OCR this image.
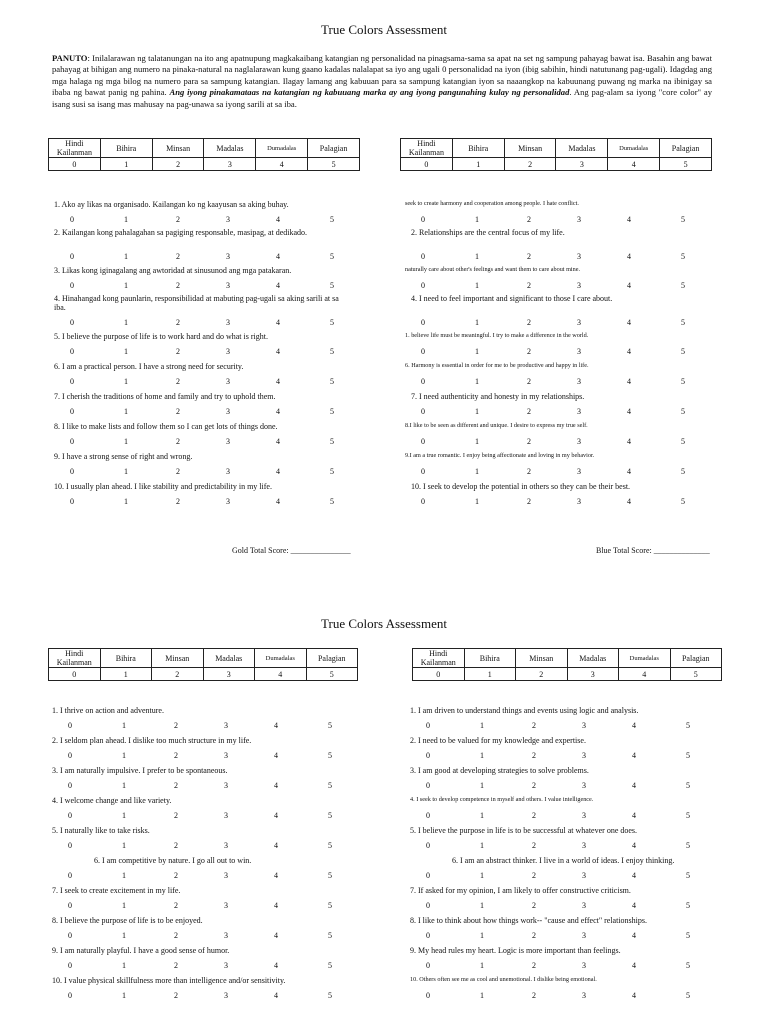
True Colors Assessment
PANUTO: Inilalarawan ng talatanungan na ito ang apatnupung magkakaibang katangian ng personalidad na pinagsama-sama sa apat na set ng sampung pahayag bawat isa. Basahin ang bawat pahayag at bihigan ang numero na pinaka-natural na naglalarawan kung gaano kadalas nalalapat sa iyo ang ugali 0 personalidad na iyon (ibig sabihin, hindi natutunang pag-ugali). Idagdag ang mga halaga ng mga bilog na numero para sa sampung katangian. Ilagay lamang ang kabuuan para sa sampung katangian iyon sa naaangkop na kabuunang puwang ng marka na ibinigay sa ibaba ng bawat panig ng pahina. Ang iyong pinakamataas na katangian ng kabuuang marka ay ang iyong pangunahing kulay ng personalidad. Ang pag-alam sa iyong "core color" ay isang susi sa isang mas mahusay na pag-unawa sa iyong sarili at sa iba.
Hindi Kailanman	Bihira	Minsan	Madalas	Dumadalas	Palagian
0	1	2	3	4	5
Hindi Kailanman	Bihira	Minsan	Madalas	Dumadalas	Palagian
0	1	2	3	4	5
1. Ako ay likas na organisado. Kailangan ko ng kaayusan sa aking buhay.
0	1	2	3	4	5
2. Kailangan kong pahalagahan sa pagiging responsable, masipag, at dedikado.
0	1	2	3	4	5
3. Likas kong iginagalang ang awtoridad at sinusunod ang mga patakaran.
0	1	2	3	4	5
4. Hinahangad kong paunlarin, responsibilidad at mabuting pag-ugali sa aking sarili at sa iba.
0	1	2	3	4	5
5. I believe the purpose of life is to work hard and do what is right.
0	1	2	3	4	5
6. I am a practical person. I have a strong need for security.
0	1	2	3	4	5
7. I cherish the traditions of home and family and try to uphold them.
0	1	2	3	4	5
8. I like to make lists and follow them so I can get lots of things done.
0	1	2	3	4	5
9. I have a strong sense of right and wrong.
0	1	2	3	4	5
10. I usually plan ahead. I like stability and predictability in my life.
0	1	2	3	4	5
seek to create harmony and cooperation among people. I hate conflict.
0	1	2	3	4	5
2. Relationships are the central focus of my life.
0	1	2	3	4	5
naturally care about other's feelings and want them to care about mine.
0	1	2	3	4	5
4. I need to feel important and significant to those I care about.
0	1	2	3	4	5
1. believe life must be meaningful. I try to make a difference in the world.
0	1	2	3	4	5
6. Harmony is essential in order for me to be productive and happy in life.
0	1	2	3	4	5
7. I need authenticity and honesty in my relationships.
0	1	2	3	4	5
8.I like to be seen as different and unique. I desire to express my true self.
0	1	2	3	4	5
9.I am a true romantic. I enjoy being affectionate and loving in my behavior.
0	1	2	3	4	5
10. I seek to develop the potential in others so they can be their best.
0	1	2	3	4	5
Gold Total Score: _______________	Blue Total Score: ______________
True Colors Assessment
Hindi Kailanman	Bihira	Minsan	Madalas	Dumadalas	Palagian
0	1	2	3	4	5
Hindi Kailanman	Bihira	Minsan	Madalas	Dumadalas	Palagian
0	1	2	3	4	5
1. I thrive on action and adventure.
0	1	2	3	4	5
2. I seldom plan ahead. I dislike too much structure in my life.
0	1	2	3	4	5
3. I am naturally impulsive. I prefer to be spontaneous.
0	1	2	3	4	5
4. I welcome change and like variety.
0	1	2	3	4	5
5. I naturally like to take risks.
0	1	2	3	4	5
6. I am competitive by nature. I go all out to win.
0	1	2	3	4	5
7. I seek to create excitement in my life.
0	1	2	3	4	5
8. I believe the purpose of life is to be enjoyed.
0	1	2	3	4	5
9. I am naturally playful. I have a good sense of humor.
0	1	2	3	4	5
10. I value physical skillfulness more than intelligence and/or sensitivity.
0	1	2	3	4	5
1. I am driven to understand things and events using logic and analysis.
0	1	2	3	4	5
2. I need to be valued for my knowledge and expertise.
0	1	2	3	4	5
3. I am good at developing strategies to solve problems.
0	1	2	3	4	5
4. I seek to develop competence in myself and others. I value intelligence.
0	1	2	3	4	5
5. I believe the purpose in life is to be successful at whatever one does.
0	1	2	3	4	5
6. I am an abstract thinker. I live in a world of ideas. I enjoy thinking.
0	1	2	3	4	5
7. If asked for my opinion, I am likely to offer constructive criticism.
0	1	2	3	4	5
8. I like to think about how things work-- "cause and effect" relationships.
0	1	2	3	4	5
9. My head rules my heart. Logic is more important than feelings.
0	1	2	3	4	5
10. Others often see me as cool and unemotional. I dislike being emotional.
0	1	2	3	4	5
